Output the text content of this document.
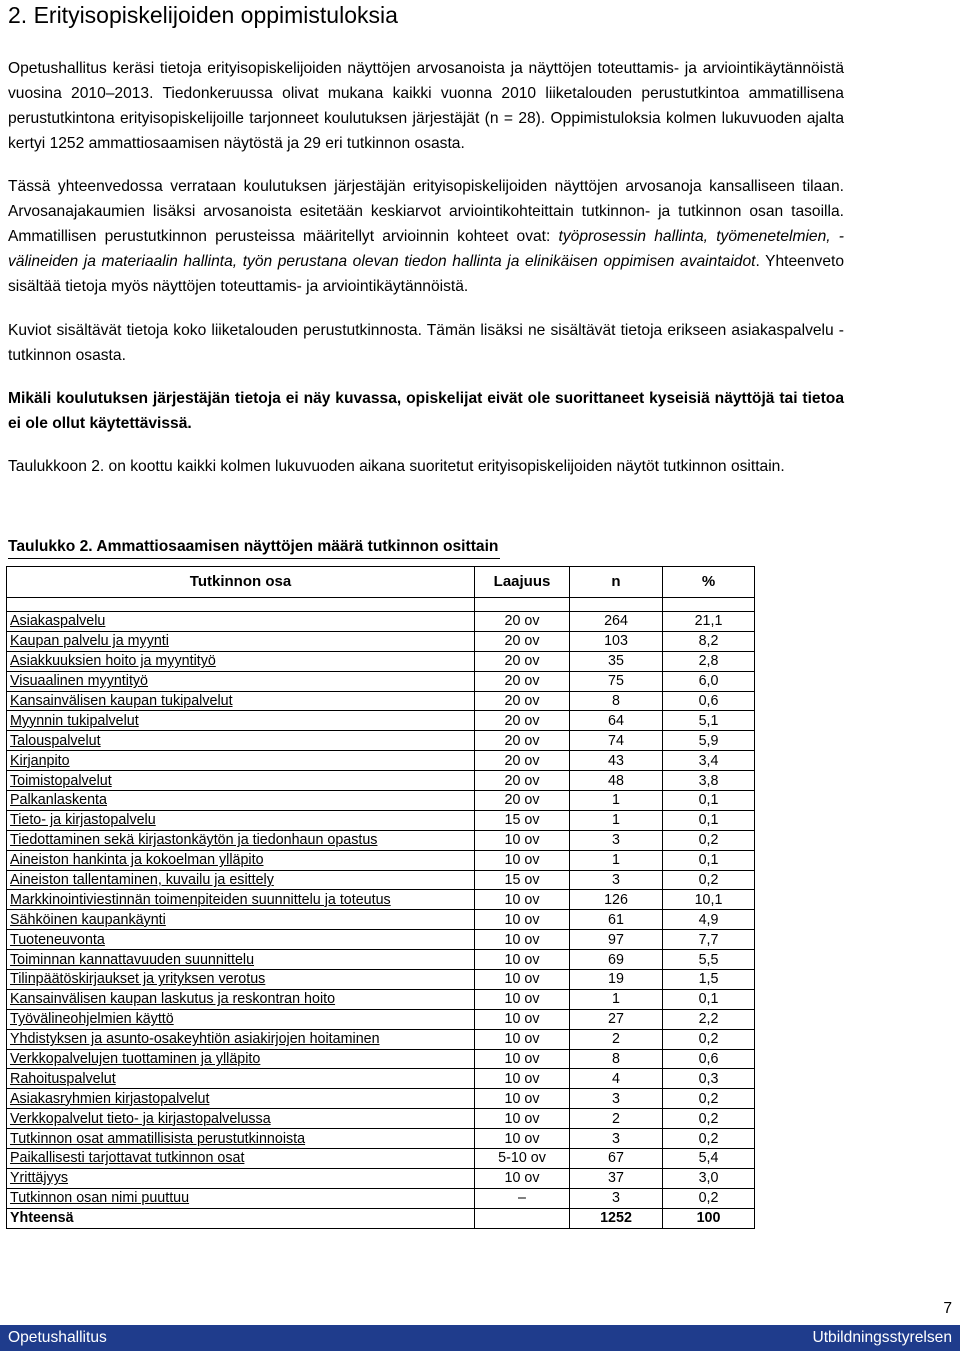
2. Erityisopiskelijoiden oppimistuloksia

Opetushallitus keräsi tietoja erityisopiskelijoiden näyttöjen arvosanoista ja näyttöjen toteuttamis- ja arviointikäytännöistä vuosina 2010–2013. Tiedonkeruussa olivat mukana kaikki vuonna 2010 liiketalouden perustutkintoa ammatillisena perustutkintona erityisopiskelijoille tarjonneet koulutuksen järjestäjät (n = 28). Oppimistuloksia kolmen lukuvuoden ajalta kertyi 1252 ammattiosaamisen näytöstä ja 29 eri tutkinnon osasta.

Tässä yhteenvedossa verrataan koulutuksen järjestäjän erityisopiskelijoiden näyttöjen arvosanoja kansalliseen tilaan. Arvosanajakaumien lisäksi arvosanoista esitetään keskiarvot arviointikohteittain tutkinnon- ja tutkinnon osan tasoilla. Ammatillisen perustutkinnon perusteissa määritellyt arvioinnin kohteet ovat: työprosessin hallinta, työmenetelmien, -välineiden ja materiaalin hallinta, työn perustana olevan tiedon hallinta ja elinikäisen oppimisen avaintaidot. Yhteenveto sisältää tietoja myös näyttöjen toteuttamis- ja arviointikäytännöistä.

Kuviot sisältävät tietoja koko liiketalouden perustutkinnosta. Tämän lisäksi ne sisältävät tietoja erikseen asiakaspalvelu -tutkinnon osasta.

Mikäli koulutuksen järjestäjän tietoja ei näy kuvassa, opiskelijat eivät ole suorittaneet kyseisiä näyttöjä tai tietoa ei ole ollut käytettävissä.

Taulukkoon 2. on koottu kaikki kolmen lukuvuoden aikana suoritetut erityisopiskelijoiden näytöt tutkinnon osittain.

Taulukko 2. Ammattiosaamisen näyttöjen määrä tutkinnon osittain
Tutkinnon osa	Laajuus	n	%

Asiakaspalvelu	20 ov	264	21,1
Kaupan palvelu ja myynti	20 ov	103	8,2
Asiakkuuksien hoito ja myyntityö	20 ov	35	2,8
Visuaalinen myyntityö	20 ov	75	6,0
Kansainvälisen kaupan tukipalvelut	20 ov	8	0,6
Myynnin tukipalvelut	20 ov	64	5,1
Talouspalvelut	20 ov	74	5,9
Kirjanpito	20 ov	43	3,4
Toimistopalvelut	20 ov	48	3,8
Palkanlaskenta	20 ov	1	0,1
Tieto- ja kirjastopalvelu	15 ov	1	0,1
Tiedottaminen sekä kirjastonkäytön ja tiedonhaun opastus	10 ov	3	0,2
Aineiston hankinta ja kokoelman ylläpito	10 ov	1	0,1
Aineiston tallentaminen, kuvailu ja esittely	15 ov	3	0,2
Markkinointiviestinnän toimenpiteiden suunnittelu ja toteutus	10 ov	126	10,1
Sähköinen kaupankäynti	10 ov	61	4,9
Tuoteneuvonta	10 ov	97	7,7
Toiminnan kannattavuuden suunnittelu	10 ov	69	5,5
Tilinpäätöskirjaukset ja yrityksen verotus	10 ov	19	1,5
Kansainvälisen kaupan laskutus ja reskontran hoito	10 ov	1	0,1
Työvälineohjelmien käyttö	10 ov	27	2,2
Yhdistyksen ja asunto-osakeyhtiön asiakirjojen hoitaminen	10 ov	2	0,2
Verkkopalvelujen tuottaminen ja ylläpito	10 ov	8	0,6
Rahoituspalvelut	10 ov	4	0,3
Asiakasryhmien kirjastopalvelut	10 ov	3	0,2
Verkkopalvelut tieto- ja kirjastopalvelussa	10 ov	2	0,2
Tutkinnon osat ammatillisista perustutkinnoista	10 ov	3	0,2
Paikallisesti tarjottavat tutkinnon osat	5-10 ov	67	5,4
Yrittäjyys	10 ov	37	3,0
Tutkinnon osan nimi puuttuu	–	3	0,2
Yhteensä		1252	100
7
Opetushallitus	Utbildningsstyrelsen
